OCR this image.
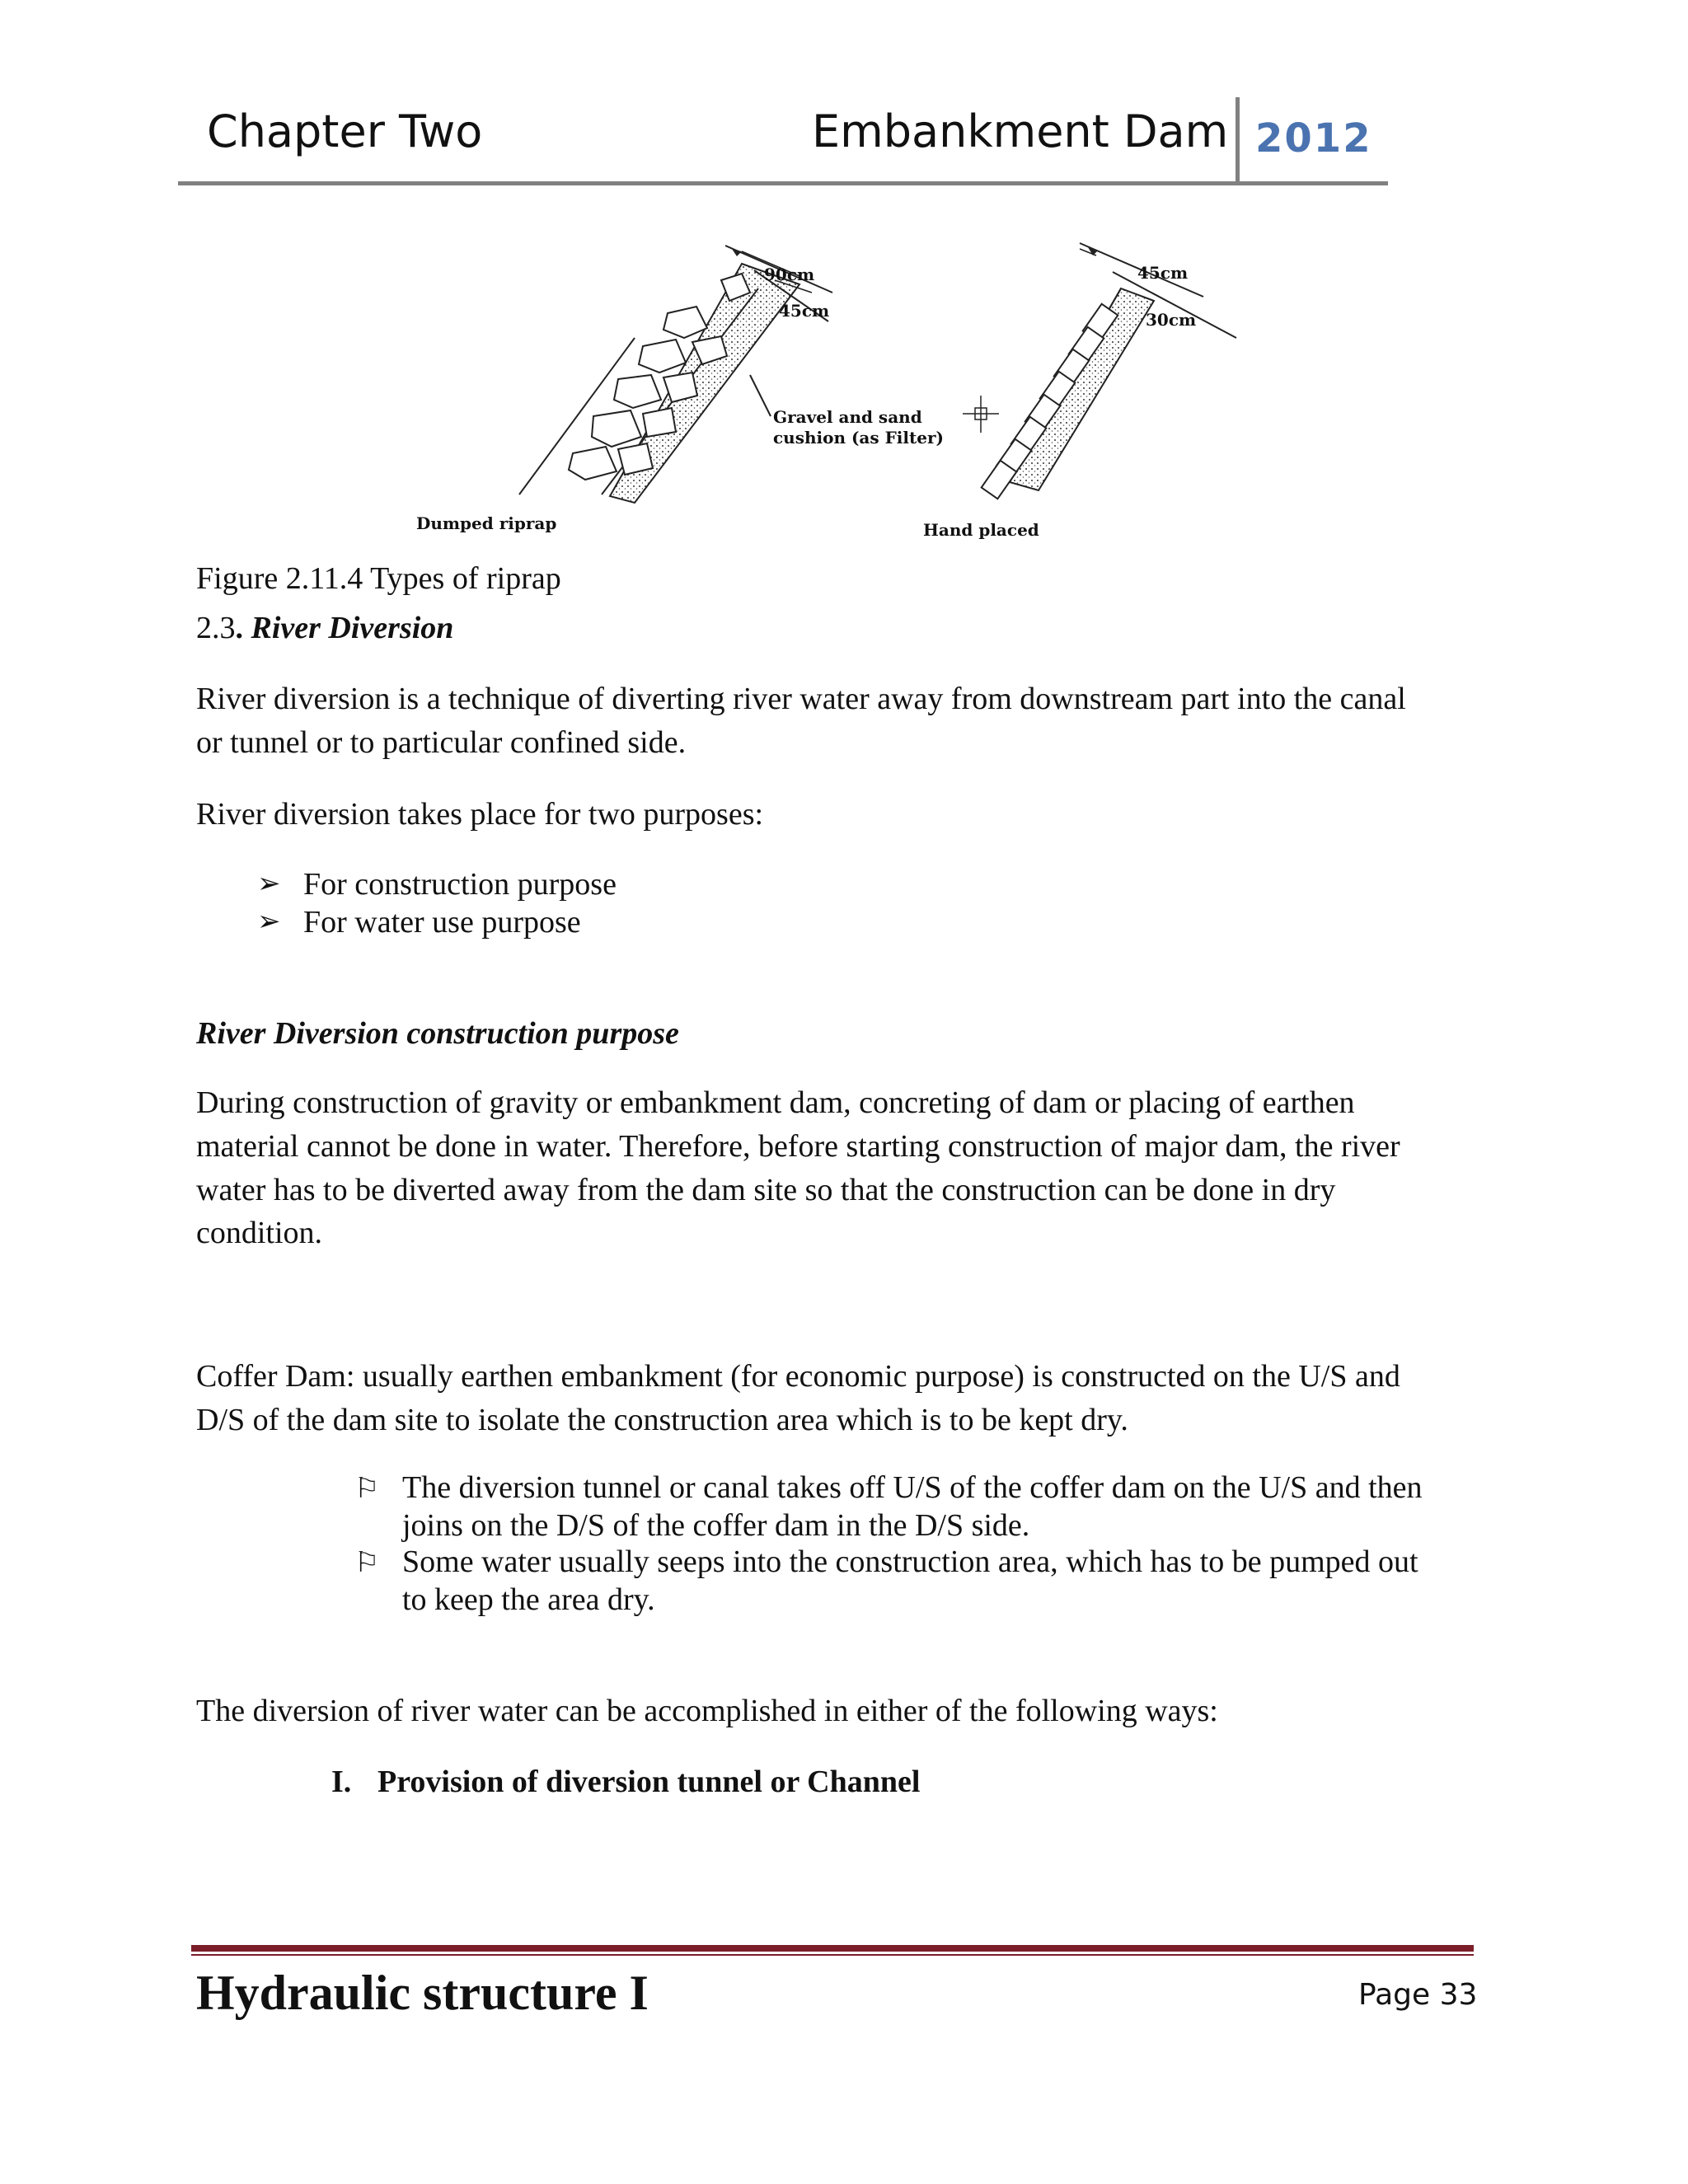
Chapter Two	Embankment Dam 2012
90cm
45cm
Gravel and sand
cushion (as Filter)
Dumped riprap
45cm
30cm
Hand placed
Figure 2.11.4 Types of riprap
2.3. River Diversion
River diversion is a technique of diverting river water away from downstream part into the canal
or tunnel or to particular confined side.
River diversion takes place for two purposes:
➢ For construction purpose
➢ For water use purpose
River Diversion construction purpose
During construction of gravity or embankment dam, concreting of dam or placing of earthen
material cannot be done in water. Therefore, before starting construction of major dam, the river
water has to be diverted away from the dam site so that the construction can be done in dry
condition.
Coffer Dam: usually earthen embankment (for economic purpose) is constructed on the U/S and
D/S of the dam site to isolate the construction area which is to be kept dry.
⚐ The diversion tunnel or canal takes off U/S of the coffer dam on the U/S and then
joins on the D/S of the coffer dam in the D/S side.
⚐ Some water usually seeps into the construction area, which has to be pumped out
to keep the area dry.
The diversion of river water can be accomplished in either of the following ways:
I. Provision of diversion tunnel or Channel
Hydraulic structure I	Page 33
